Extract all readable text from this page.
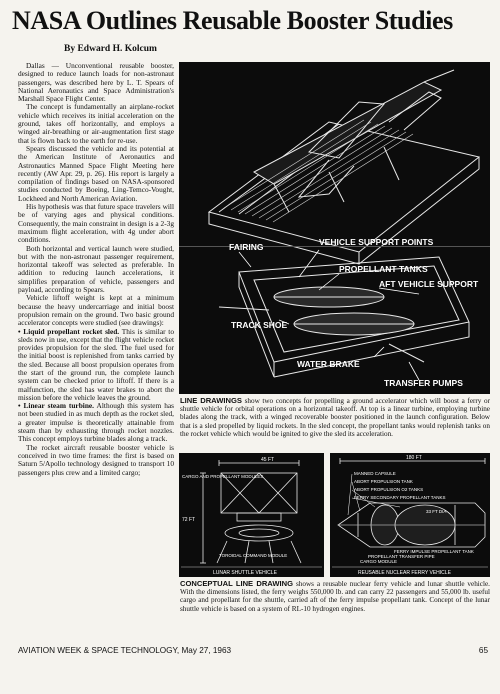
NASA Outlines Reusable Booster Studies
By Edward H. Kolcum

Dallas — Unconventional reusable booster, designed to reduce launch loads for non-astronaut passengers, was described here by L. T. Spears of National Aeronautics and Space Administration's Marshall Space Flight Center.

The concept is fundamentally an airplane-rocket vehicle which receives its initial acceleration on the ground, takes off horizontally, and employs a winged air-breathing or air-augmentation first stage that is flown back to the earth for re-use.

Spears discussed the vehicle and its potential at the American Institute of Aeronautics and Astronautics Manned Space Flight Meeting here recently (AW Apr. 29, p. 26). His report is largely a compilation of findings based on NASA-sponsored studies conducted by Boeing, Ling-Temco-Vought, Lockheed and North American Aviation.

His hypothesis was that future space travelers will be of varying ages and physical conditions. Consequently, the main constraint in design is a 2-3g maximum flight acceleration, with 4g under abort conditions.

Both horizontal and vertical launch were studied, but with the non-astronaut passenger requirement, horizontal takeoff was selected as preferable. In addition to reducing launch accelerations, it simplifies preparation of vehicle, passengers and payload, according to Spears.

Vehicle liftoff weight is kept at a minimum because the heavy undercarriage and initial boost propulsion remain on the ground. Two basic ground accelerator concepts were studied (see drawings):

• Liquid propellant rocket sled. This is similar to sleds now in use, except that the flight vehicle rocket provides propulsion for the sled. The fuel used for the initial boost is replenished from tanks carried by the sled. Because all boost propulsion operates from the start of the ground run, the complete launch system can be checked prior to liftoff. If there is a malfunction, the sled has water brakes to abort the mission before the vehicle leaves the ground.

• Linear steam turbine. Although this system has not been studied in as much depth as the rocket sled, a greater impulse is theoretically attainable from steam than by exhausting through rocket nozzles. This concept employs turbine blades along a track.

The rocket aircraft reusable booster vehicle is conceived in two time frames: the first is based on Saturn 5/Apollo technology designed to transport 10 passengers plus crew and a limited cargo;

FAIRING	VEHICLE SUPPORT POINTS
PROPELLANT TANKS
AFT VEHICLE SUPPORT
TRACK SHOE
WATER BRAKE
TRANSFER PUMPS
LINE DRAWINGS show two concepts for propelling a ground accelerator which will boost a ferry or shuttle vehicle for orbital operations on a horizontal takeoff. At top is a linear turbine, employing turbine blades along the track, with a winged recoverable booster positioned in the launch configuration. Below that is a sled propelled by liquid rockets. In the sled concept, the propellant tanks would replenish tanks on the rocket vehicle which would be ignited to give the sled its acceleration.
45 FT
CARGO AND PROPELLANT MODULES
72 FT
TOROIDAL COMMAND MODULE
LUNAR SHUTTLE VEHICLE
180 FT
MANNED CAPSULE
ABORT PROPULSION TANK
ABORT PROPULSION O2 TANKS
FERRY SECONDARY PROPELLANT TANKS
33 FT DIA
FERRY IMPULSE PROPELLANT TANK
PROPELLANT TRANSFER PIPE
CARGO MODULE
REUSABLE NUCLEAR FERRY VEHICLE
CONCEPTUAL LINE DRAWING shows a reusable nuclear ferry vehicle and lunar shuttle vehicle. With the dimensions listed, the ferry weighs 550,000 lb. and can carry 22 passengers and 55,000 lb. useful cargo and propellant for the shuttle, carried aft of the ferry impulse propellant tank. Concept of the lunar shuttle vehicle is based on a system of RL-10 hydrogen engines.
AVIATION WEEK & SPACE TECHNOLOGY, May 27, 1963	65
